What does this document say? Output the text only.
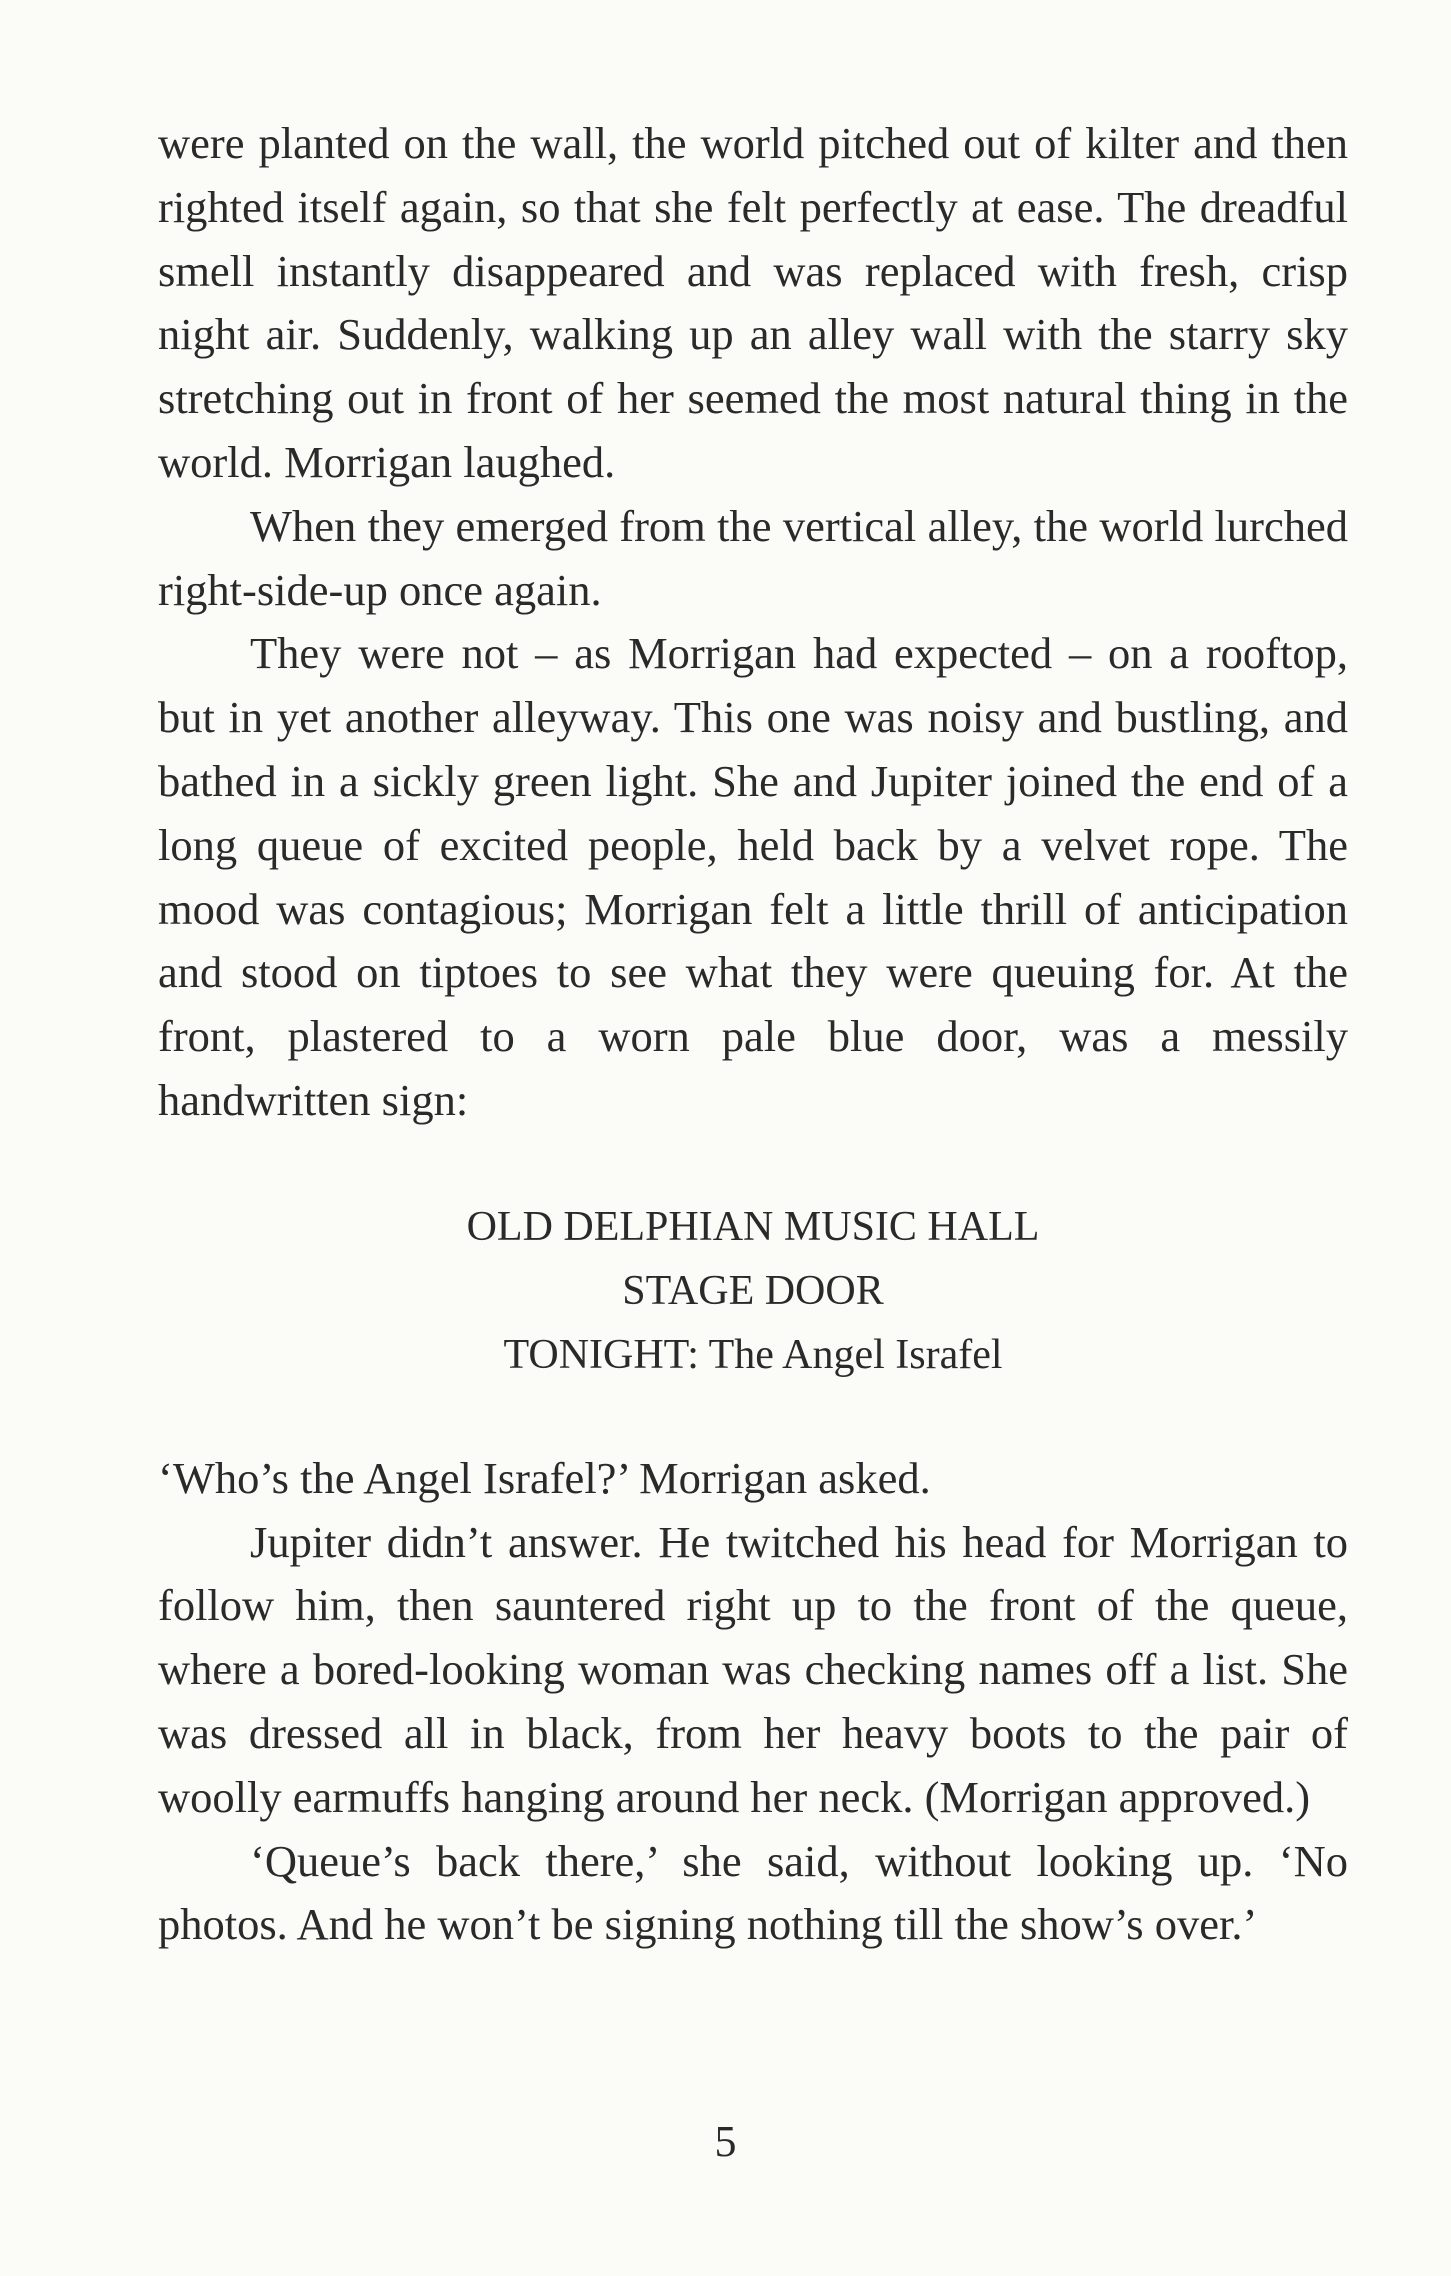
were planted on the wall, the world pitched out of kilter and then righted itself again, so that she felt perfectly at ease. The dreadful smell instantly disappeared and was replaced with fresh, crisp night air. Suddenly, walking up an alley wall with the starry sky stretching out in front of her seemed the most natural thing in the world. Morrigan laughed.

When they emerged from the vertical alley, the world lurched right-side-up once again.

They were not – as Morrigan had expected – on a rooftop, but in yet another alleyway. This one was noisy and bustling, and bathed in a sickly green light. She and Jupiter joined the end of a long queue of excited people, held back by a velvet rope. The mood was contagious; Morrigan felt a little thrill of anticipation and stood on tiptoes to see what they were queuing for. At the front, plastered to a worn pale blue door, was a messily handwritten sign:

OLD DELPHIAN MUSIC HALL
STAGE DOOR
TONIGHT: The Angel Israfel

‘Who’s the Angel Israfel?’ Morrigan asked.

Jupiter didn’t answer. He twitched his head for Morrigan to follow him, then sauntered right up to the front of the queue, where a bored-looking woman was checking names off a list. She was dressed all in black, from her heavy boots to the pair of woolly earmuffs hanging around her neck. (Morrigan approved.)

‘Queue’s back there,’ she said, without looking up. ‘No photos. And he won’t be signing nothing till the show’s over.’

5
